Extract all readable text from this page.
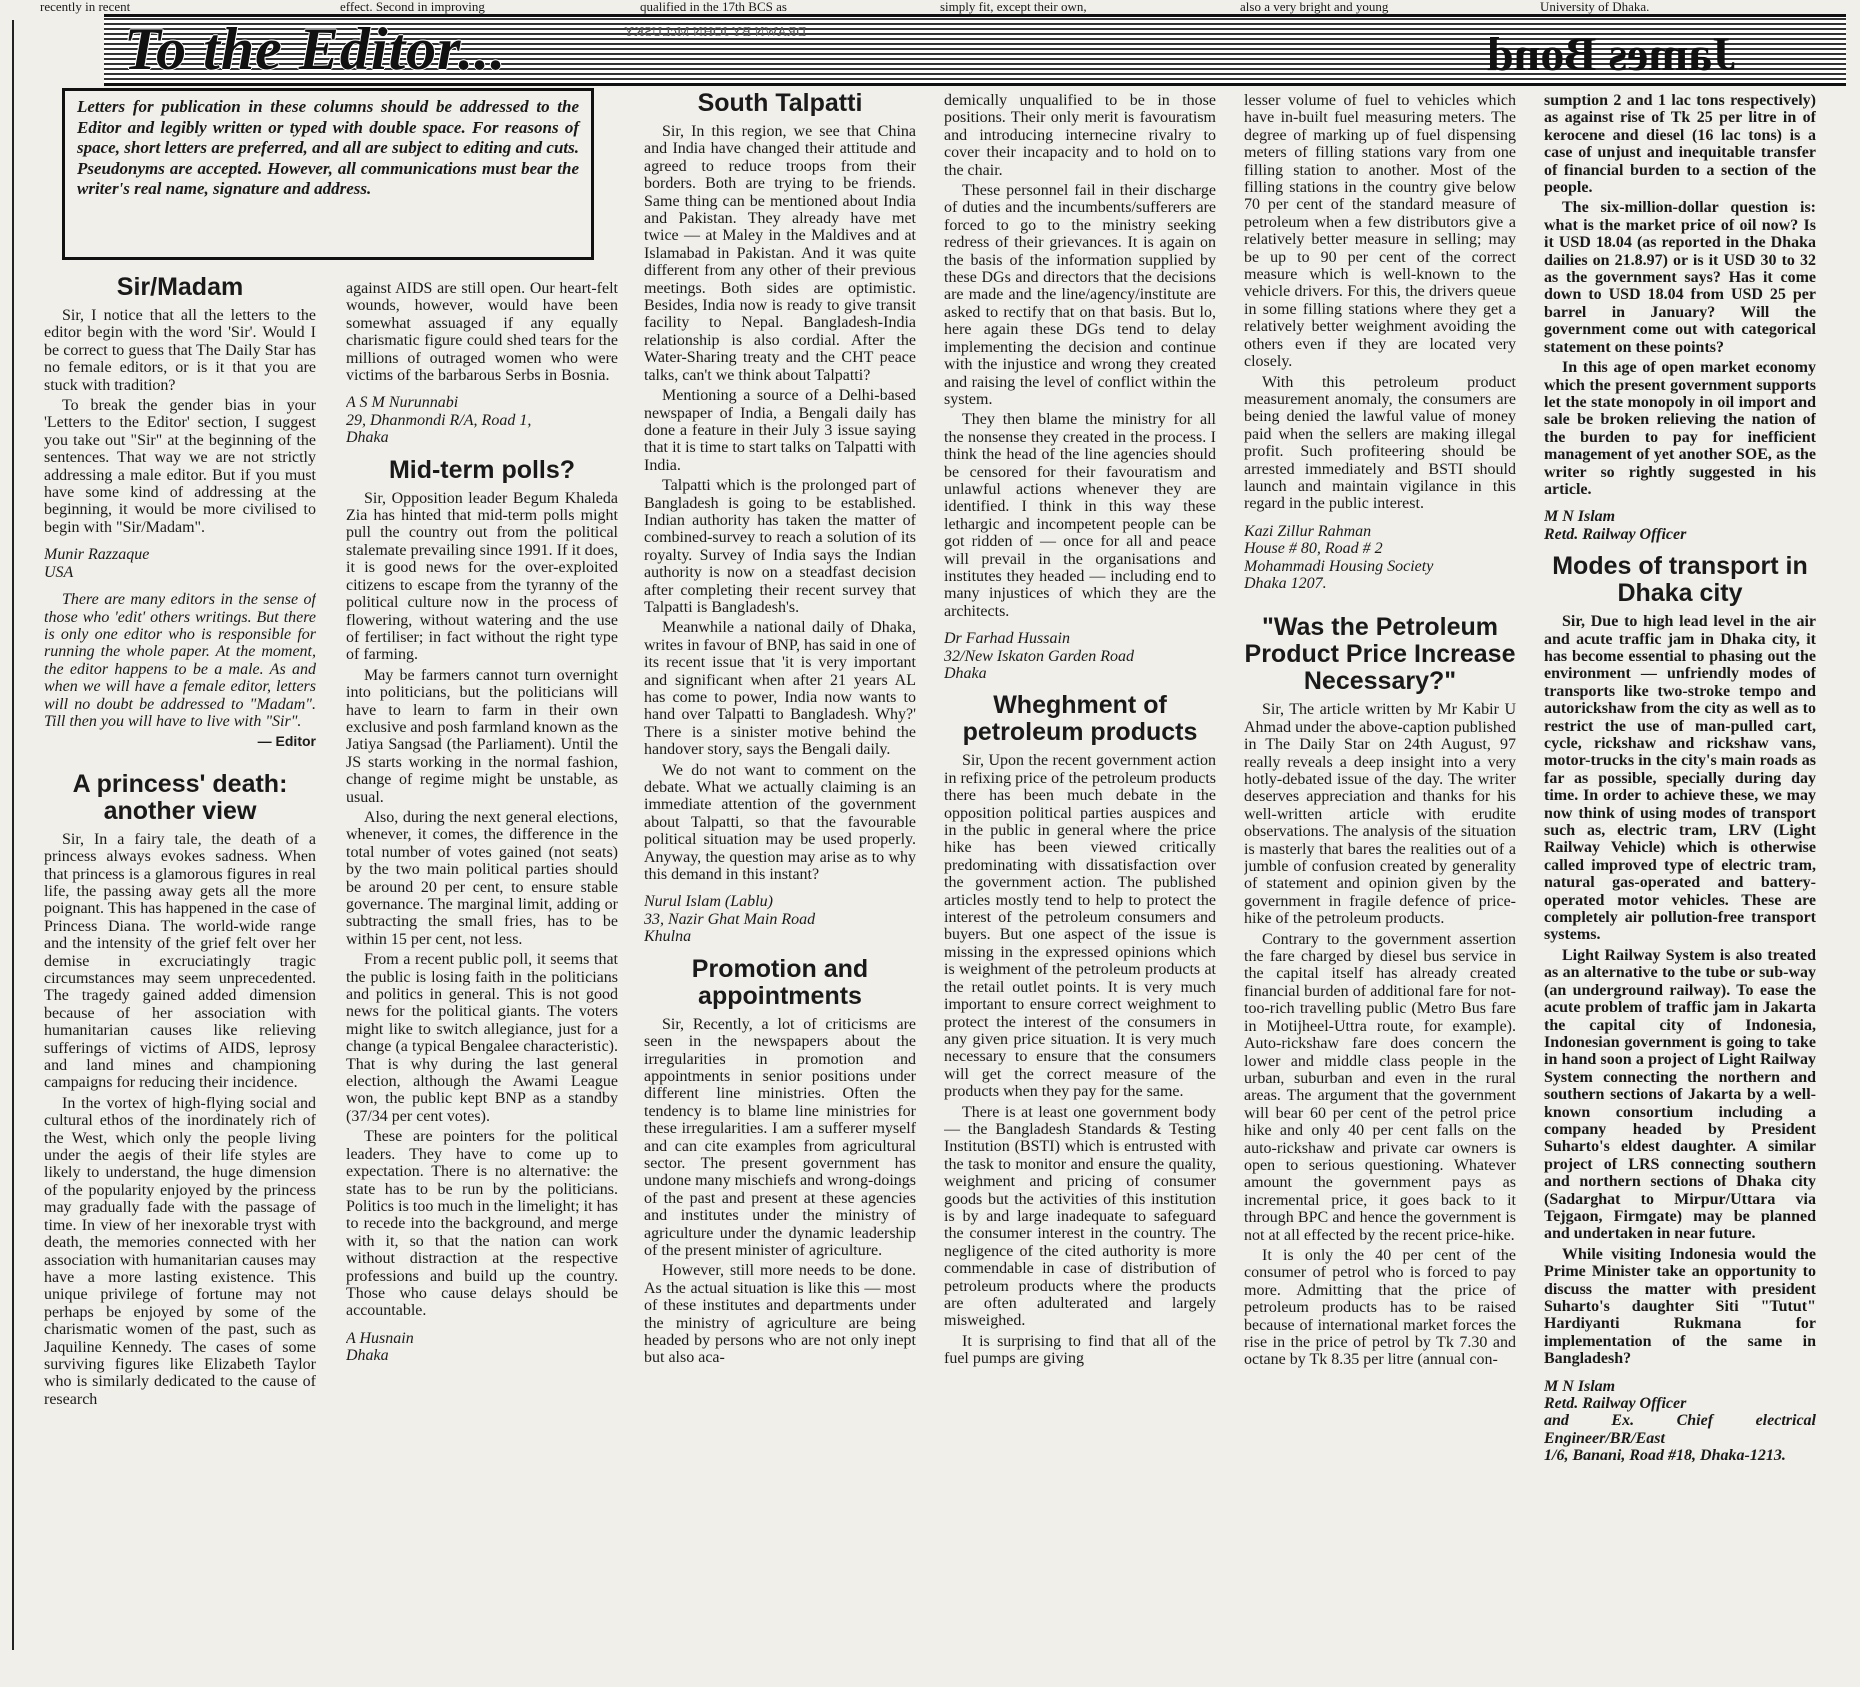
recently in recent	effect. Second in improving	qualified in the 17th BCS as	simply fit, except their own,	also a very bright and young	University of Dhaka.
To the Editor...	DRAWN BY JOHN McLUSKY	James Bond
Letters for publication in these columns should be addressed to the Editor and legibly written or typed with double space. For reasons of space, short letters are preferred, and all are subject to editing and cuts. Pseudonyms are accepted. However, all communications must bear the writer's real name, signature and address.
Sir/Madam

Sir, I notice that all the letters to the editor begin with the word 'Sir'. Would I be correct to guess that The Daily Star has no female editors, or is it that you are stuck with tradition?

To break the gender bias in your 'Letters to the Editor' section, I suggest you take out "Sir" at the beginning of the sentences. That way we are not strictly addressing a male editor. But if you must have some kind of addressing at the beginning, it would be more civilised to begin with "Sir/Madam".

Munir Razzaque
USA

There are many editors in the sense of those who 'edit' others writings. But there is only one editor who is responsible for running the whole paper. At the moment, the editor happens to be a male. As and when we will have a female editor, letters will no doubt be addressed to "Madam". Till then you will have to live with "Sir".

— Editor
A princess' death: another view

Sir, In a fairy tale, the death of a princess always evokes sadness. When that princess is a glamorous figures in real life, the passing away gets all the more poignant. This has happened in the case of Princess Diana. The world-wide range and the intensity of the grief felt over her demise in excruciatingly tragic circumstances may seem unprecedented. The tragedy gained added dimension because of her association with humanitarian causes like relieving sufferings of victims of AIDS, leprosy and land mines and championing campaigns for reducing their incidence.

In the vortex of high-flying social and cultural ethos of the inordinately rich of the West, which only the people living under the aegis of their life styles are likely to understand, the huge dimension of the popularity enjoyed by the princess may gradually fade with the passage of time. In view of her inexorable tryst with death, the memories connected with her association with humanitarian causes may have a more lasting existence. This unique privilege of fortune may not perhaps be enjoyed by some of the charismatic women of the past, such as Jaquiline Kennedy. The cases of some surviving figures like Elizabeth Taylor who is similarly dedicated to the cause of research

against AIDS are still open. Our heart-felt wounds, however, would have been somewhat assuaged if any equally charismatic figure could shed tears for the millions of outraged women who were victims of the barbarous Serbs in Bosnia.

A S M Nurunnabi
29, Dhanmondi R/A, Road 1,
Dhaka
Mid-term polls?

Sir, Opposition leader Begum Khaleda Zia has hinted that mid-term polls might pull the country out from the political stalemate prevailing since 1991. If it does, it is good news for the over-exploited citizens to escape from the tyranny of the political culture now in the process of flowering, without watering and the use of fertiliser; in fact without the right type of farming.

May be farmers cannot turn overnight into politicians, but the politicians will have to learn to farm in their own exclusive and posh farmland known as the Jatiya Sangsad (the Parliament). Until the JS starts working in the normal fashion, change of regime might be unstable, as usual.

Also, during the next general elections, whenever, it comes, the difference in the total number of votes gained (not seats) by the two main political parties should be around 20 per cent, to ensure stable governance. The marginal limit, adding or subtracting the small fries, has to be within 15 per cent, not less.

From a recent public poll, it seems that the public is losing faith in the politicians and politics in general. This is not good news for the political giants. The voters might like to switch allegiance, just for a change (a typical Bengalee characteristic). That is why during the last general election, although the Awami League won, the public kept BNP as a standby (37/34 per cent votes).

These are pointers for the political leaders. They have to come up to expectation. There is no alternative: the state has to be run by the politicians. Politics is too much in the limelight; it has to recede into the background, and merge with it, so that the nation can work without distraction at the respective professions and build up the country. Those who cause delays should be accountable.

A Husnain
Dhaka
South Talpatti

Sir, In this region, we see that China and India have changed their attitude and agreed to reduce troops from their borders. Both are trying to be friends. Same thing can be mentioned about India and Pakistan. They already have met twice — at Maley in the Maldives and at Islamabad in Pakistan. And it was quite different from any other of their previous meetings. Both sides are optimistic. Besides, India now is ready to give transit facility to Nepal. Bangladesh-India relationship is also cordial. After the Water-Sharing treaty and the CHT peace talks, can't we think about Talpatti?

Mentioning a source of a Delhi-based newspaper of India, a Bengali daily has done a feature in their July 3 issue saying that it is time to start talks on Talpatti with India.

Talpatti which is the prolonged part of Bangladesh is going to be established. Indian authority has taken the matter of combined-survey to reach a solution of its royalty. Survey of India says the Indian authority is now on a steadfast decision after completing their recent survey that Talpatti is Bangladesh's.

Meanwhile a national daily of Dhaka, writes in favour of BNP, has said in one of its recent issue that 'it is very important and significant when after 21 years AL has come to power, India now wants to hand over Talpatti to Bangladesh. Why?' There is a sinister motive behind the handover story, says the Bengali daily.

We do not want to comment on the debate. What we actually claiming is an immediate attention of the government about Talpatti, so that the favourable political situation may be used properly. Anyway, the question may arise as to why this demand in this instant?

Nurul Islam (Lablu)
33, Nazir Ghat Main Road
Khulna
Promotion and appointments

Sir, Recently, a lot of criticisms are seen in the newspapers about the irregularities in promotion and appointments in senior positions under different line ministries. Often the tendency is to blame line ministries for these irregularities. I am a sufferer myself and can cite examples from agricultural sector. The present government has undone many mischiefs and wrong-doings of the past and present at these agencies and institutes under the ministry of agriculture under the dynamic leadership of the present minister of agriculture.

However, still more needs to be done. As the actual situation is like this — most of these institutes and departments under the ministry of agriculture are being headed by persons who are not only inept but also aca-

demically unqualified to be in those positions. Their only merit is favouratism and introducing internecine rivalry to cover their incapacity and to hold on to the chair.

These personnel fail in their discharge of duties and the incumbents/sufferers are forced to go to the ministry seeking redress of their grievances. It is again on the basis of the information supplied by these DGs and directors that the decisions are made and the line/agency/institute are asked to rectify that on that basis. But lo, here again these DGs tend to delay implementing the decision and continue with the injustice and wrong they created and raising the level of conflict within the system.

They then blame the ministry for all the nonsense they created in the process. I think the head of the line agencies should be censored for their favouratism and unlawful actions whenever they are identified. I think in this way these lethargic and incompetent people can be got ridden of — once for all and peace will prevail in the organisations and institutes they headed — including end to many injustices of which they are the architects.

Dr Farhad Hussain
32/New Iskaton Garden Road
Dhaka
Wheghment of petroleum products

Sir, Upon the recent government action in refixing price of the petroleum products there has been much debate in the opposition political parties auspices and in the public in general where the price hike has been viewed critically predominating with dissatisfaction over the government action. The published articles mostly tend to help to protect the interest of the petroleum consumers and buyers. But one aspect of the issue is missing in the expressed opinions which is weighment of the petroleum products at the retail outlet points. It is very much important to ensure correct weighment to protect the interest of the consumers in any given price situation. It is very much necessary to ensure that the consumers will get the correct measure of the products when they pay for the same.

There is at least one government body — the Bangladesh Standards & Testing Institution (BSTI) which is entrusted with the task to monitor and ensure the quality, weighment and pricing of consumer goods but the activities of this institution is by and large inadequate to safeguard the consumer interest in the country. The negligence of the cited authority is more commendable in case of distribution of petroleum products where the products are often adulterated and largely misweighed.

It is surprising to find that all of the fuel pumps are giving

lesser volume of fuel to vehicles which have in-built fuel measuring meters. The degree of marking up of fuel dispensing meters of filling stations vary from one filling station to another. Most of the filling stations in the country give below 70 per cent of the standard measure of petroleum when a few distributors give a relatively better measure in selling; may be up to 90 per cent of the correct measure which is well-known to the vehicle drivers. For this, the drivers queue in some filling stations where they get a relatively better weighment avoiding the others even if they are located very closely.

With this petroleum product measurement anomaly, the consumers are being denied the lawful value of money paid when the sellers are making illegal profit. Such profiteering should be arrested immediately and BSTI should launch and maintain vigilance in this regard in the public interest.

Kazi Zillur Rahman
House # 80, Road # 2
Mohammadi Housing Society
Dhaka 1207.
"Was the Petroleum Product Price Increase Necessary?"

Sir, The article written by Mr Kabir U Ahmad under the above-caption published in The Daily Star on 24th August, 97 really reveals a deep insight into a very hotly-debated issue of the day. The writer deserves appreciation and thanks for his well-written article with erudite observations. The analysis of the situation is masterly that bares the realities out of a jumble of confusion created by generality of statement and opinion given by the government in fragile defence of price-hike of the petroleum products.

Contrary to the government assertion the fare charged by diesel bus service in the capital itself has already created financial burden of additional fare for not-too-rich travelling public (Metro Bus fare in Motijheel-Uttra route, for example). Auto-rickshaw fare does concern the lower and middle class people in the urban, suburban and even in the rural areas. The argument that the government will bear 60 per cent of the petrol price hike and only 40 per cent falls on the auto-rickshaw and private car owners is open to serious questioning. Whatever amount the government pays as incremental price, it goes back to it through BPC and hence the government is not at all effected by the recent price-hike.

It is only the 40 per cent of the consumer of petrol who is forced to pay more. Admitting that the price of petroleum products has to be raised because of international market forces the rise in the price of petrol by Tk 7.30 and octane by Tk 8.35 per litre (annual con-

sumption 2 and 1 lac tons respectively) as against rise of Tk 25 per litre in of kerocene and diesel (16 lac tons) is a case of unjust and inequitable transfer of financial burden to a section of the people.

The six-million-dollar question is: what is the market price of oil now? Is it USD 18.04 (as reported in the Dhaka dailies on 21.8.97) or is it USD 30 to 32 as the government says? Has it come down to USD 18.04 from USD 25 per barrel in January? Will the government come out with categorical statement on these points?

In this age of open market economy which the present government supports let the state monopoly in oil import and sale be broken relieving the nation of the burden to pay for inefficient management of yet another SOE, as the writer so rightly suggested in his article.

M N Islam
Retd. Railway Officer
Modes of transport in Dhaka city

Sir, Due to high lead level in the air and acute traffic jam in Dhaka city, it has become essential to phasing out the environment — unfriendly modes of transports like two-stroke tempo and autorickshaw from the city as well as to restrict the use of man-pulled cart, cycle, rickshaw and rickshaw vans, motor-trucks in the city's main roads as far as possible, specially during day time. In order to achieve these, we may now think of using modes of transport such as, electric tram, LRV (Light Railway Vehicle) which is otherwise called improved type of electric tram, natural gas-operated and battery-operated motor vehicles. These are completely air pollution-free transport systems.

Light Railway System is also treated as an alternative to the tube or sub-way (an underground railway). To ease the acute problem of traffic jam in Jakarta the capital city of Indonesia, Indonesian government is going to take in hand soon a project of Light Railway System connecting the northern and southern sections of Jakarta by a well-known consortium including a company headed by President Suharto's eldest daughter. A similar project of LRS connecting southern and northern sections of Dhaka city (Sadarghat to Mirpur/Uttara via Tejgaon, Firmgate) may be planned and undertaken in near future.

While visiting Indonesia would the Prime Minister take an opportunity to discuss the matter with president Suharto's daughter Siti "Tutut" Hardiyanti Rukmana for implementation of the same in Bangladesh?

M N Islam
Retd. Railway Officer
and Ex. Chief electrical Engineer/BR/East
1/6, Banani, Road #18, Dhaka-1213.
